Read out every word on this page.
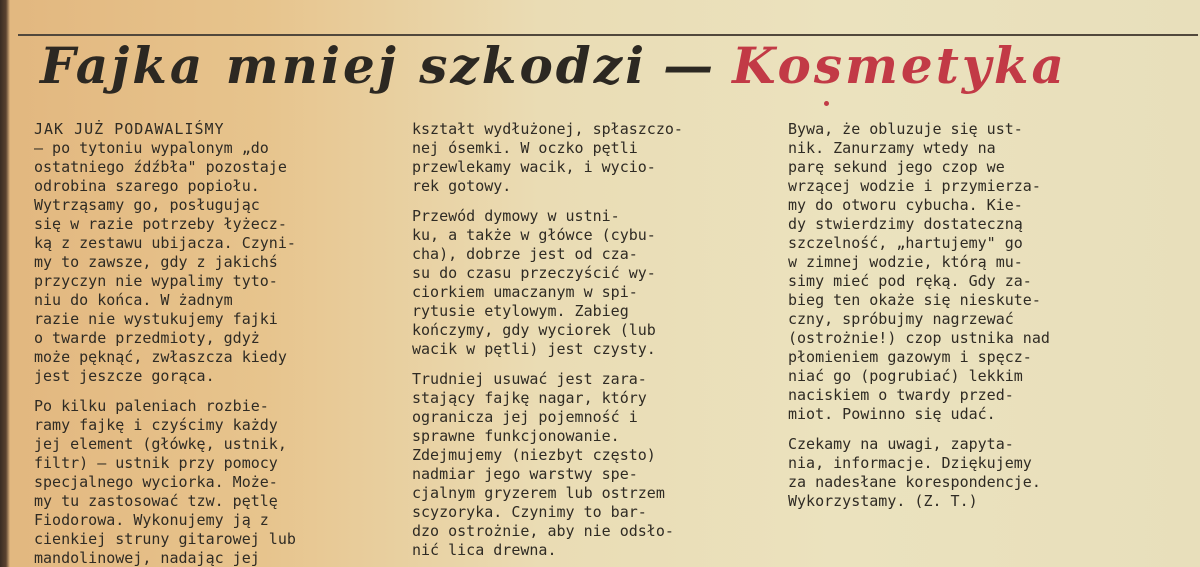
Fajka mniej szkodzi — Kosmetyka

JAK JUŻ PODAWALIŚMY
— po tytoniu wypalonym „do
ostatniego źdźbła" pozostaje
odrobina szarego popiołu.
Wytrząsamy go, posługując
się w razie potrzeby łyżecz-
ką z zestawu ubijacza. Czyni-
my to zawsze, gdy z jakichś
przyczyn nie wypalimy tyto-
niu do końca. W żadnym
razie nie wystukujemy fajki
o twarde przedmioty, gdyż
może pęknąć, zwłaszcza kiedy
jest jeszcze gorąca.

Po kilku paleniach rozbie-
ramy fajkę i czyścimy każdy
jej element (główkę, ustnik,
filtr) — ustnik przy pomocy
specjalnego wyciorka. Może-
my tu zastosować tzw. pętlę
Fiodorowa. Wykonujemy ją z
cienkiej struny gitarowej lub
mandolinowej, nadając jej

kształt wydłużonej, spłaszczo-
nej ósemki. W oczko pętli
przewlekamy wacik, i wycio-
rek gotowy.

Przewód dymowy w ustni-
ku, a także w główce (cybu-
cha), dobrze jest od cza-
su do czasu przeczyścić wy-
ciorkiem umaczanym w spi-
rytusie etylowym. Zabieg
kończymy, gdy wyciorek (lub
wacik w pętli) jest czysty.

Trudniej usuwać jest zara-
stający fajkę nagar, który
ogranicza jej pojemność i
sprawne funkcjonowanie.
Zdejmujemy (niezbyt często)
nadmiar jego warstwy spe-
cjalnym gryzerem lub ostrzem
scyzoryka. Czynimy to bar-
dzo ostrożnie, aby nie odsło-
nić lica drewna.

Bywa, że obluzuje się ust-
nik. Zanurzamy wtedy na
parę sekund jego czop we
wrzącej wodzie i przymierza-
my do otworu cybucha. Kie-
dy stwierdzimy dostateczną
szczelność, „hartujemy" go
w zimnej wodzie, którą mu-
simy mieć pod ręką. Gdy za-
bieg ten okaże się nieskute-
czny, spróbujmy nagrzewać
(ostrożnie!) czop ustnika nad
płomieniem gazowym i spęcz-
niać go (pogrubiać) lekkim
naciskiem o twardy przed-
miot. Powinno się udać.

Czekamy na uwagi, zapyta-
nia, informacje. Dziękujemy
za nadesłane korespondencje.
Wykorzystamy. (Z. T.)
